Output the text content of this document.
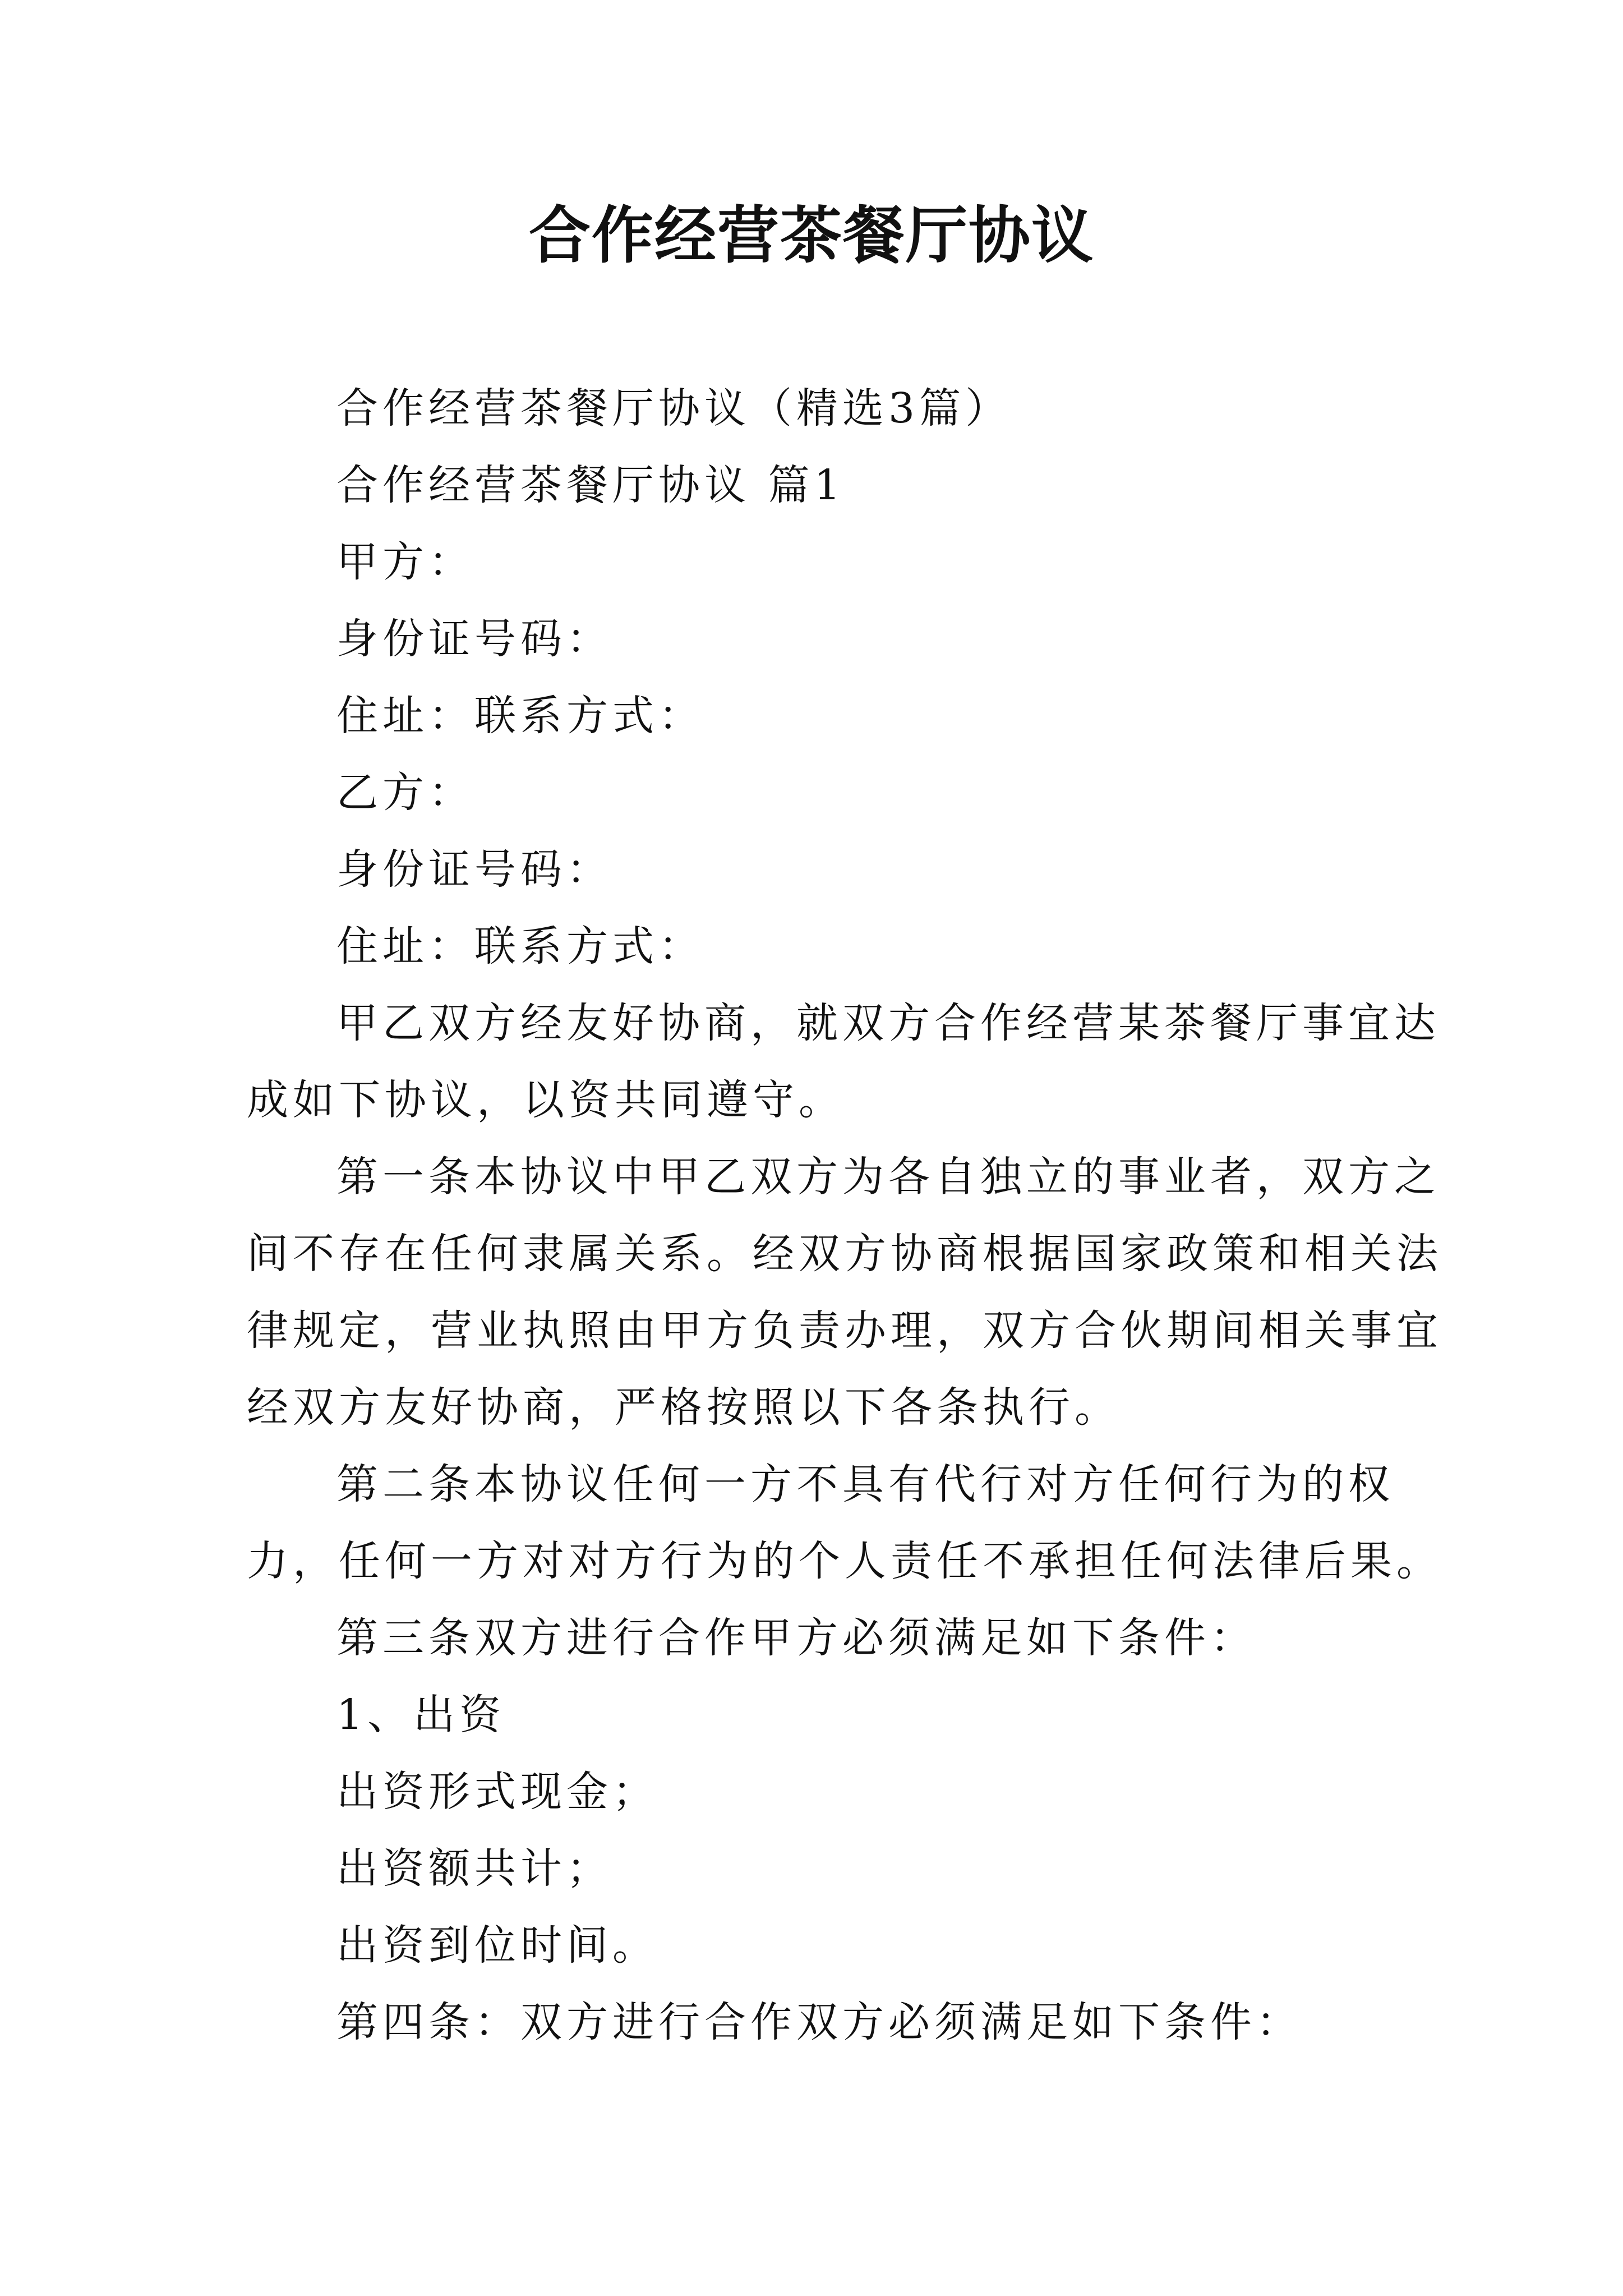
合作经营茶餐厅协议
合作经营茶餐厅协议（精选3篇）
合作经营茶餐厅协议 篇1
甲方：
身份证号码：
住址：联系方式：
乙方：
身份证号码：
住址：联系方式：
甲乙双方经友好协商，就双方合作经营某茶餐厅事宜达
成如下协议，以资共同遵守。
第一条本协议中甲乙双方为各自独立的事业者，双方之
间不存在任何隶属关系。经双方协商根据国家政策和相关法
律规定，营业执照由甲方负责办理，双方合伙期间相关事宜
经双方友好协商，严格按照以下各条执行。
第二条本协议任何一方不具有代行对方任何行为的权
力，任何一方对对方行为的个人责任不承担任何法律后果。
第三条双方进行合作甲方必须满足如下条件：
1、出资
出资形式现金；
出资额共计；
出资到位时间。
第四条：双方进行合作双方必须满足如下条件：
